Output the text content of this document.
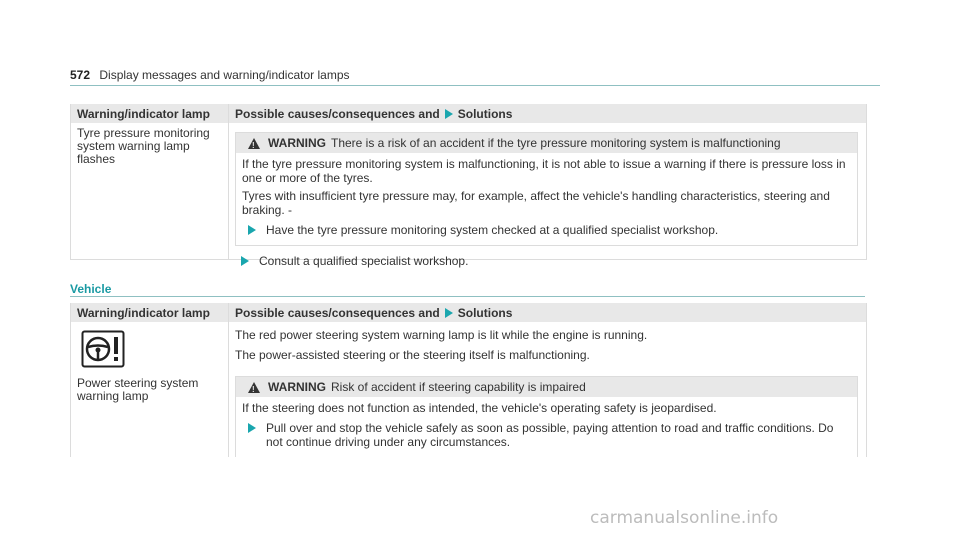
572 Display messages and warning/indicator lamps
Warning/indicator lamp	Possible causes/consequences and Solutions
Tyre pressure monitoring system warning lamp flashes
!
WARNING There is a risk of an accident if the tyre pressure monitoring system is malfunctioning

If the tyre pressure monitoring system is malfunctioning, it is not able to issue a warning if there is pressure loss in one or more of the tyres.

Tyres with insufficient tyre pressure may, for example, affect the vehicle's handling characteristics, steering and braking. -

Have the tyre pressure monitoring system checked at a qualified specialist workshop.
Consult a qualified specialist workshop.
Vehicle
Warning/indicator lamp	Possible causes/consequences and Solutions
Power steering system warning lamp
The red power steering system warning lamp is lit while the engine is running.
The power-assisted steering or the steering itself is malfunctioning.
!
WARNING Risk of accident if steering capability is impaired

If the steering does not function as intended, the vehicle's operating safety is jeopardised.

Pull over and stop the vehicle safely as soon as possible, paying attention to road and traffic conditions. Do not continue driving under any circumstances.
carmanualsonline.info
